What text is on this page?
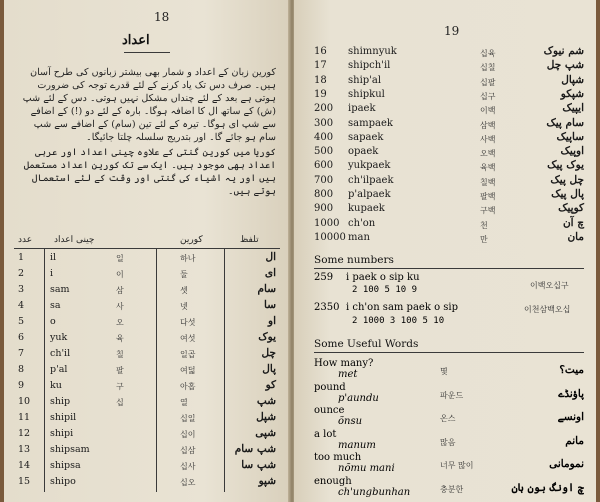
18
اعداد

کورین زبان کے اعداد و شمار بھی بیشتر زبانوں کی طرح آسان ہیں۔ صرف دس تک یاد کرنے کے لئے قدرے توجہ کی ضرورت ہوتی ہے بعد کے لئے چنداں مشکل نہیں ہوتی۔ دس کے لئے شپ (ش) کے ساتھ ال کا اضافہ ہوگا۔ بارہ کے لئے دو (!) کے اضافے سے شپ ای ہوگا۔ تیرہ کے لئے تین (سام) کے اضافے سے شپ سام ہو جائے گا۔ اور بتدریج سلسلہ چلتا جائیگا۔

کوریا میں کورین گنتی کے علاوہ چینی اعداد اور عربی اعداد بھی موجود ہیں۔ ایک سے تک کورین اعداد مستعمل ہیں اور یہ اشیاء کی گنتی اور وقت کے لئے استعمال ہوتے ہیں۔

عدد چینی اعداد	کورین	تلفظ
1	il	일	하나	ال
2	i	이	둘	ای
3	sam	삼	셋	سام
4	sa	사	넷	سا
5	o	오	다섯	او
6	yuk	육	여섯	یوک
7	ch'il	칠	일곱	چل
8	p'al	팔	여덟	پال
9	ku	구	아홉	کو
10 ship	십	열	شپ
11 shipil	십일	شپل
12 shipi	십이	شپی
13 shipsam	십삼	شپ سام
14 shipsa	십사	شپ سا
15 shipo	십오	شپو
19
16 shimnyuk	십육	شم نیوک
17 shipch'il	십칠	شپ چل
18 ship'al	십팔	شپال
19 shipkul	십구	شپکو
200 ipaek	이백	ایپیک
300 sampaek	삼백	سام پیک
400 sapaek	사백	ساپیک
500 opaek	오백	اوپیک
600 yukpaek	육백	یوک پیک
700 ch'ilpaek	칠백	چل پیک
800 p'alpaek	팔백	پال پیک
900 kupaek	구백	کوپیک
1000 ch'on	천	چ آن
10000 man	만	مان
Some numbers
259 i paek o sip ku
2 100 5 10 9	이백오십구
2350 i ch'on sam paek o sip
2 1000 3 100 5 10
이천삼백오십
Some Useful Words
How many?
met	몇	میت؟
pound
p'aundu	파운드	پاؤنڈے
ounce
õnsu	온스	اونسے
a lot
manum	많음	مانم
too much
nõmu mani	너무 많이	نمومانی
enough
ch'ungbunhan	충분한	چ اونگ بون ہان
